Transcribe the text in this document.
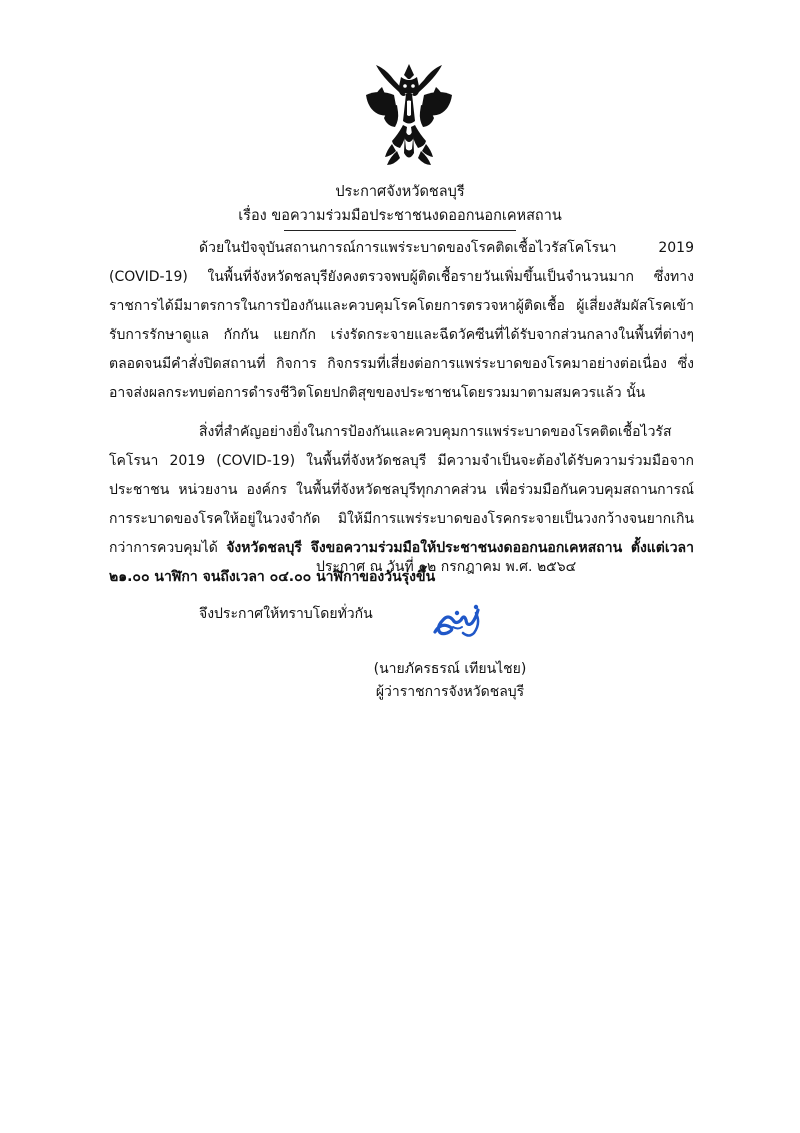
ประกาศจังหวัดชลบุรี
เรื่อง ขอความร่วมมือประชาชนงดออกนอกเคหสถาน

ด้วยในปัจจุบันสถานการณ์การแพร่ระบาดของโรคติดเชื้อไวรัสโคโรนา 2019 (COVID-19) ในพื้นที่จังหวัดชลบุรียังคงตรวจพบผู้ติดเชื้อรายวันเพิ่มขึ้นเป็นจำนวนมาก ซึ่งทางราชการได้มีมาตรการในการป้องกันและควบคุมโรคโดยการตรวจหาผู้ติดเชื้อ ผู้เสี่ยงสัมผัสโรคเข้ารับการรักษาดูแล กักกัน แยกกัก เร่งรัดกระจายและฉีดวัคซีนที่ได้รับจากส่วนกลางในพื้นที่ต่างๆ ตลอดจนมีคำสั่งปิดสถานที่ กิจการ กิจกรรมที่เสี่ยงต่อการแพร่ระบาดของโรคมาอย่างต่อเนื่อง ซึ่งอาจส่งผลกระทบต่อการดำรงชีวิตโดยปกติสุขของประชาชนโดยรวมมาตามสมควรแล้ว นั้น

สิ่งที่สำคัญอย่างยิ่งในการป้องกันและควบคุมการแพร่ระบาดของโรคติดเชื้อไวรัสโคโรนา 2019 (COVID-19) ในพื้นที่จังหวัดชลบุรี มีความจำเป็นจะต้องได้รับความร่วมมือจากประชาชน หน่วยงาน องค์กร ในพื้นที่จังหวัดชลบุรีทุกภาคส่วน เพื่อร่วมมือกันควบคุมสถานการณ์การระบาดของโรคให้อยู่ในวงจำกัด มิให้มีการแพร่ระบาดของโรคกระจายเป็นวงกว้างจนยากเกินกว่าการควบคุมได้ จังหวัดชลบุรี จึงขอความร่วมมือให้ประชาชนงดออกนอกเคหสถาน ตั้งแต่เวลา ๒๑.๐๐ นาฬิกา จนถึงเวลา ๐๔.๐๐ นาฬิกาของวันรุ่งขึ้น

จึงประกาศให้ทราบโดยทั่วกัน
ประกาศ ณ วันที่ ๑๒ กรกฎาคม พ.ศ. ๒๕๖๔
(นายภัครธรณ์ เทียนไชย)
ผู้ว่าราชการจังหวัดชลบุรี
